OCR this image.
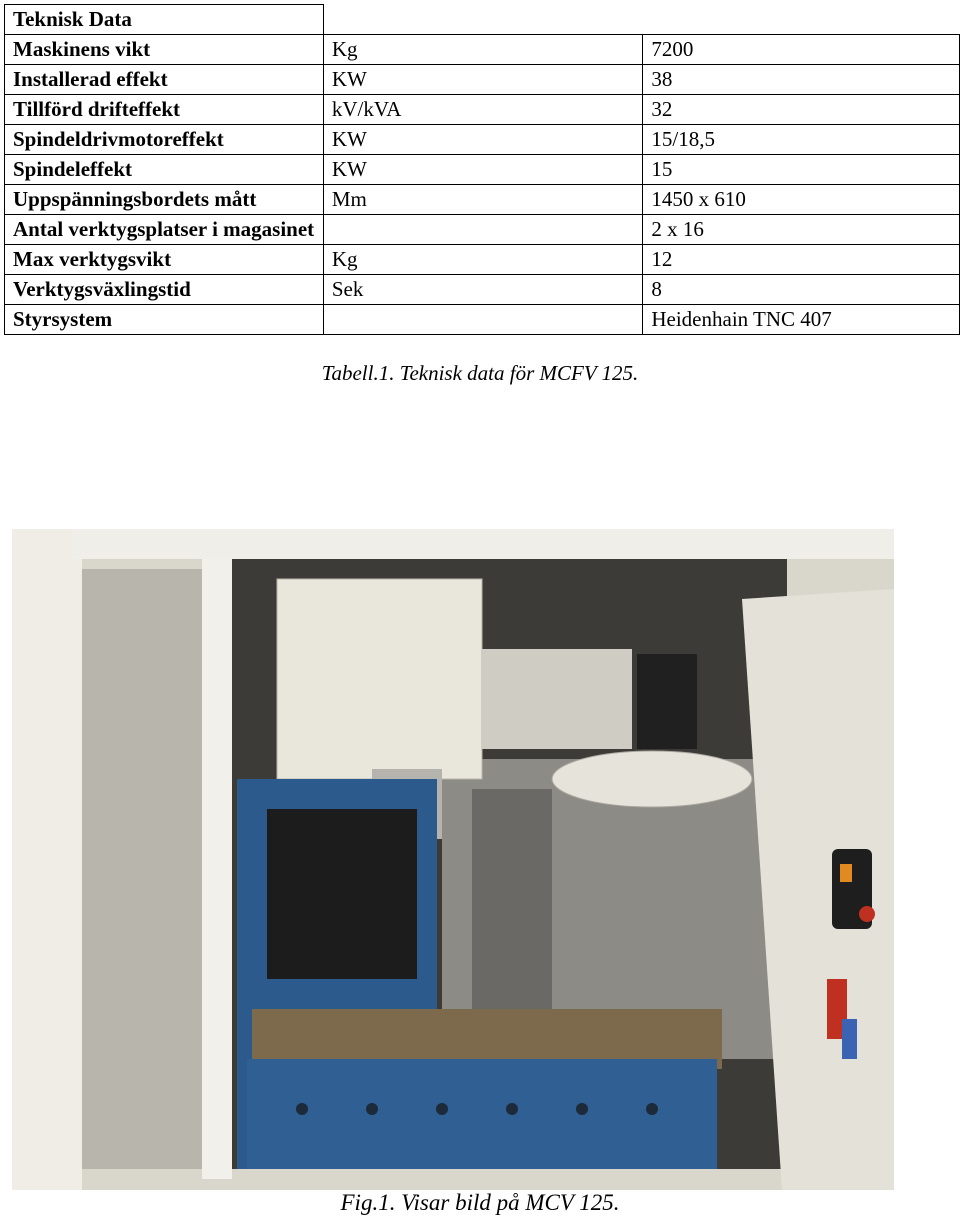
Teknisk Data		
Maskinens vikt	Kg	7200
Installerad effekt	KW	38
Tillförd drifteffekt	kV/kVA	32
Spindeldrivmotoreffekt	KW	15/18,5
Spindeleffekt	KW	15
Uppspänningsbordets mått	Mm	1450 x 610
Antal verktygsplatser i magasinet		2 x 16
Max verktygsvikt	Kg	12
Verktygsväxlingstid	Sek	8
Styrsystem		Heidenhain TNC 407
Tabell.1. Teknisk data för MCFV 125.
Fig.1. Visar bild på MCV 125.
